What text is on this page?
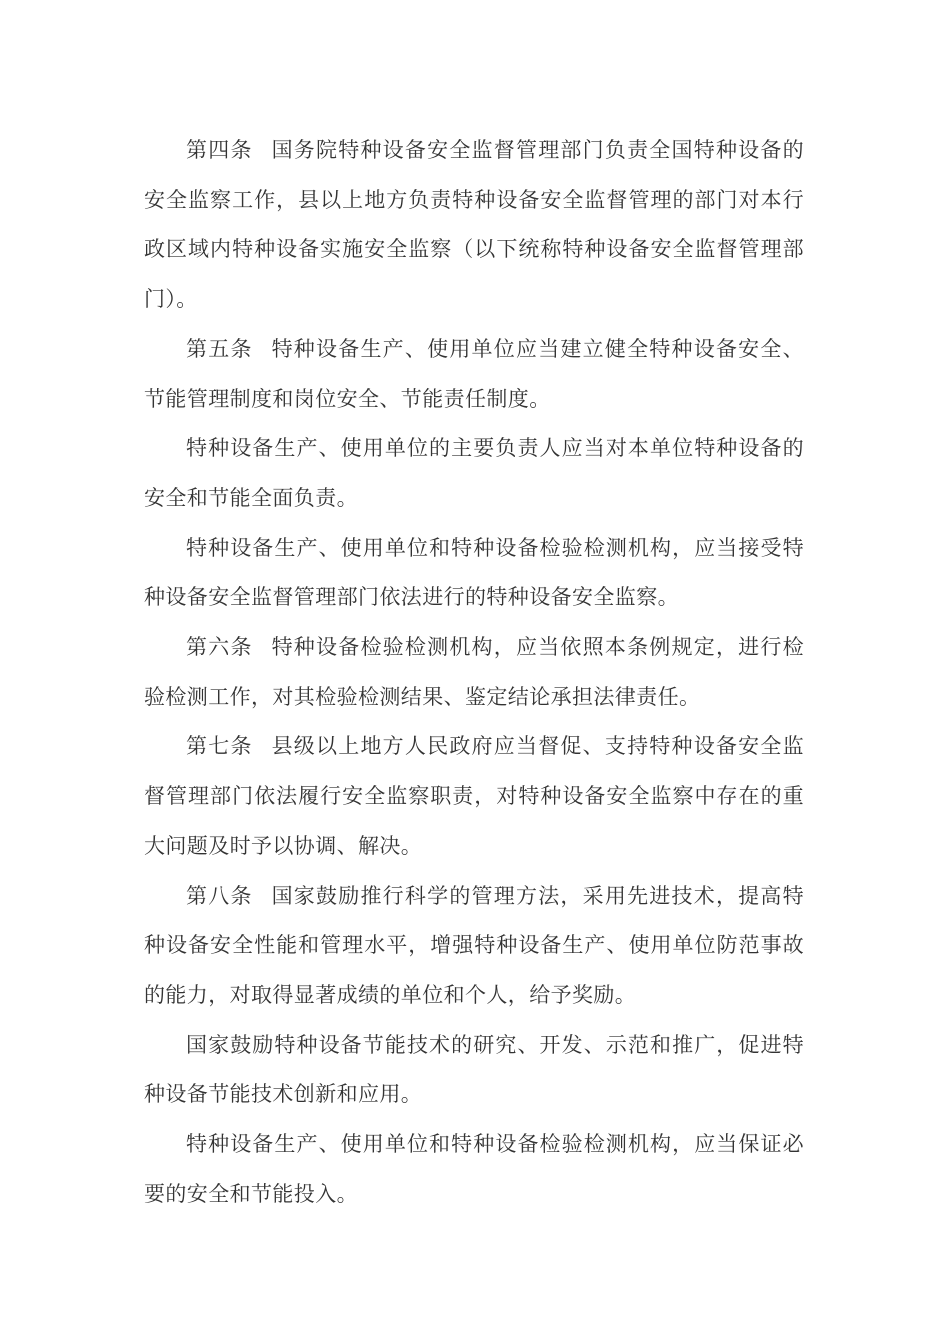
第四条 国务院特种设备安全监督管理部门负责全国特种设备的安全监察工作，县以上地方负责特种设备安全监督管理的部门对本行政区域内特种设备实施安全监察（以下统称特种设备安全监督管理部门）。

第五条 特种设备生产、使用单位应当建立健全特种设备安全、节能管理制度和岗位安全、节能责任制度。

特种设备生产、使用单位的主要负责人应当对本单位特种设备的安全和节能全面负责。

特种设备生产、使用单位和特种设备检验检测机构，应当接受特种设备安全监督管理部门依法进行的特种设备安全监察。

第六条 特种设备检验检测机构，应当依照本条例规定，进行检验检测工作，对其检验检测结果、鉴定结论承担法律责任。

第七条 县级以上地方人民政府应当督促、支持特种设备安全监督管理部门依法履行安全监察职责，对特种设备安全监察中存在的重大问题及时予以协调、解决。

第八条 国家鼓励推行科学的管理方法，采用先进技术，提高特种设备安全性能和管理水平，增强特种设备生产、使用单位防范事故的能力，对取得显著成绩的单位和个人，给予奖励。

国家鼓励特种设备节能技术的研究、开发、示范和推广，促进特种设备节能技术创新和应用。

特种设备生产、使用单位和特种设备检验检测机构，应当保证必要的安全和节能投入。
